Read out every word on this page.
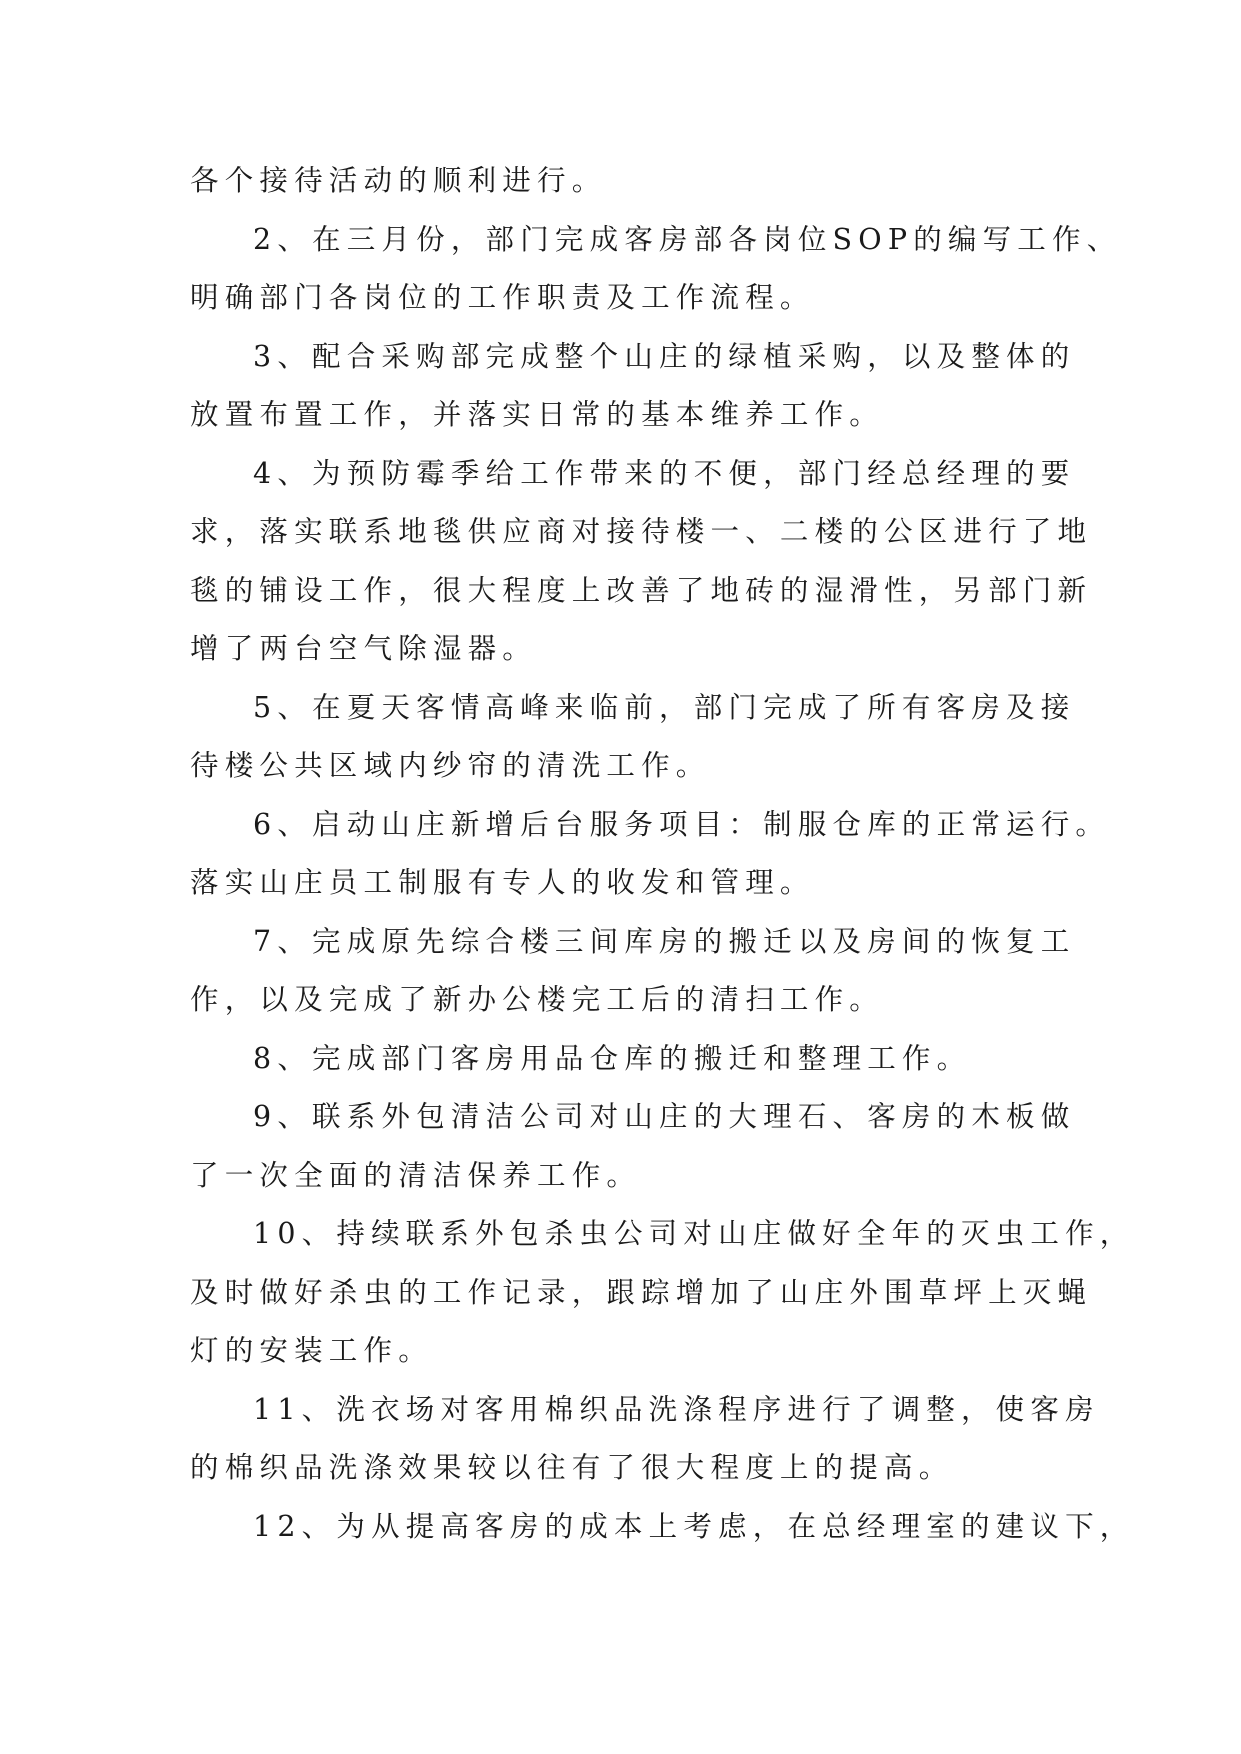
各个接待活动的顺利进行。
2、在三月份，部门完成客房部各岗位SOP的编写工作、
明确部门各岗位的工作职责及工作流程。
3、配合采购部完成整个山庄的绿植采购，以及整体的
放置布置工作，并落实日常的基本维养工作。
4、为预防霉季给工作带来的不便，部门经总经理的要
求，落实联系地毯供应商对接待楼一、二楼的公区进行了地
毯的铺设工作，很大程度上改善了地砖的湿滑性，另部门新
增了两台空气除湿器。
5、在夏天客情高峰来临前，部门完成了所有客房及接
待楼公共区域内纱帘的清洗工作。
6、启动山庄新增后台服务项目：制服仓库的正常运行。
落实山庄员工制服有专人的收发和管理。
7、完成原先综合楼三间库房的搬迁以及房间的恢复工
作，以及完成了新办公楼完工后的清扫工作。
8、完成部门客房用品仓库的搬迁和整理工作。
9、联系外包清洁公司对山庄的大理石、客房的木板做
了一次全面的清洁保养工作。
10、持续联系外包杀虫公司对山庄做好全年的灭虫工作，
及时做好杀虫的工作记录，跟踪增加了山庄外围草坪上灭蝇
灯的安装工作。
11、洗衣场对客用棉织品洗涤程序进行了调整，使客房
的棉织品洗涤效果较以往有了很大程度上的提高。
12、为从提高客房的成本上考虑，在总经理室的建议下，
